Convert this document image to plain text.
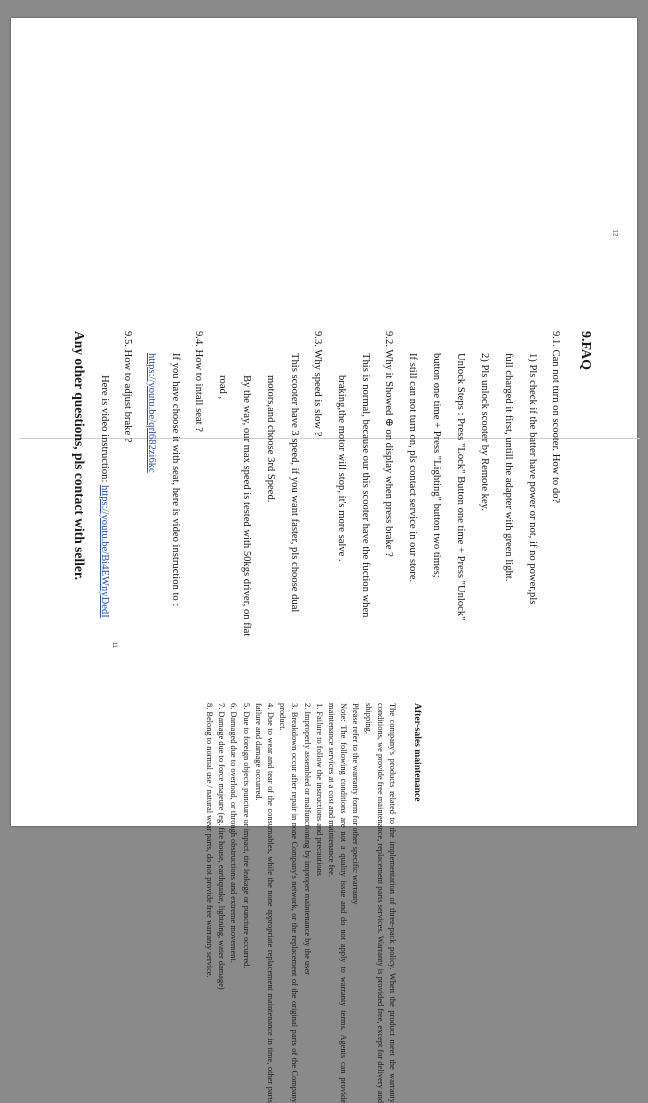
12
11
9.FAQ

9.1. Can not turn on scooter. How to do?

1) Pls check if the batter have power or not, if no power,pls

full charged it first, untill the adapter with green light.

2) Pls unlock scooter by Remote key.

Unlock Steps : Press "Lock" Button one time + Press "Unlock"

button one time + Press "Lighting" button two times;

If still can not turn on, pls contact service in our store.

9.2. Why it Showed ⊕ on display when press brake ?

This is normal, because our this scooter have the fuction when

braking,the motor will stop, it's more salve .

9.3. Why speed is slow ?

This scooter have 3 speed, if you want faster, pls choose dual

motors,and choose 3rd Speed.

By the way, our max speed is tested with 50kgs driver, on flat

road ,

9.4. How to intall seat ?

If you have choose it with seat, here is video instruction to :

https://youtu.be/qrl682zi6kc

9.5. How to adjust brake ?

Here is video instruction: https://youtu.be/Bi4EWnyDedI

Any other questions, pls contact with seller.
After-sales maintenance

The company's products related to the implementation of three-pack policy. When the product meet the warranty conditions, we provide free maintenance, replacement parts services. Warranty is provided free, except for delivery and shipping.

Please refer to the warranty form for other specific warranty

Note: The following conditions are not a quality issue and do not apply to warranty terms. Agents can provide maintenance services at a cost and maintenance fee.

1. Failure to follow the instructions and precautions

2. Improperly assembled or malfunctioning by improper maintenance by the user

3. Breakdown occur after repair in none Company's network, or the replacement of the original parts of the Company product.

4. Due to wear and tear of the consumables, while the none appropriate replacement maintenance in time, other parts failure and damage occurred.

5. Due to foreign objects puncture or impact, tire leakage or puncture occurred.

6. Damaged due to overload, or through obstructions and extreme movement.

7. Damage due to force majeure (eg. fire house, earthquake, lightning, water damage)

8. Belong to normal use / natural wear parts, do not provide free warranty service.
